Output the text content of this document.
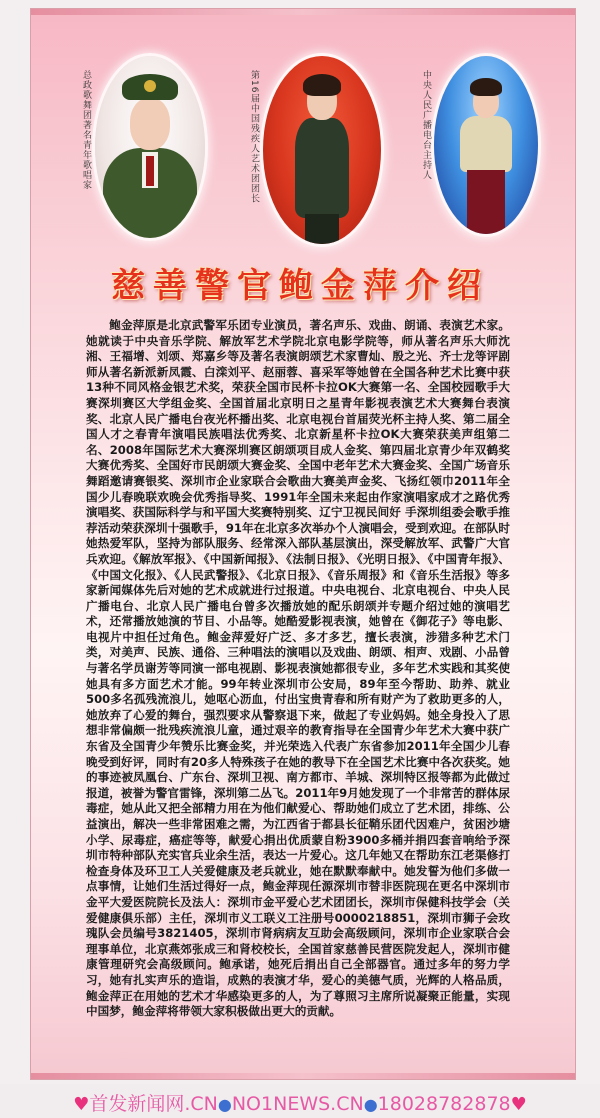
总政歌舞团著名青年歌唱家	第16届中国残疾人艺术团团长	中央人民广播电台主持人
慈善警官鲍金萍介绍

鲍金萍原是北京武警军乐团专业演员，著名声乐、戏曲、朗诵、表演艺术家。她就读于中央音乐学院、解放军艺术学院北京电影学院等，师从著名声乐大师沈湘、王福增、刘颂、郑嘉乡等及著名表演朗颂艺术家曹灿、殷之光、齐士龙等评剧师从著名新派新凤霞、白滦刘平、赵丽蓉、喜采军等她曾在全国各种艺术比赛中获13种不同风格金银艺术奖，荣获全国市民杯卡拉OK大赛第一名、全国校园歌手大赛深圳赛区大学组金奖、全国首届北京明日之星青年影视表演艺术大赛舞台表演奖、北京人民广播电台夜光杯播出奖、北京电视台首届荧光杯主持人奖、第二届全国人才之春青年演唱民族唱法优秀奖、北京新星杯卡拉OK大赛荣获美声组第二名、2008年国际艺术大赛深圳赛区朗颂项目成人金奖、第四届北京青少年双鹤奖大赛优秀奖、全国好市民朗颂大赛金奖、全国中老年艺术大赛金奖、全国广场音乐舞蹈邀请赛银奖、深圳市企业家联合会歌曲大赛美声金奖、飞扬红领巾2011年全国少儿春晚联欢晚会优秀指导奖、1991年全国未来起由作家演唱家成才之路优秀演唱奖、获国际科学与和平国大奖赛特别奖、辽宁卫视民间好 手深圳组委会歌手推荐活动荣获深圳十强歌手，91年在北京多次举办个人演唱会，受到欢迎。在部队时她热爱军队，坚持为部队服务、经常深入部队基层演出，深受解放军、武警广大官兵欢迎。《解放军报》、《中国新闻报》、《法制日报》、《光明日报》、《中国青年报》、《中国文化报》、《人民武警报》、《北京日报》、《音乐周报》和《音乐生活报》等多家新闻媒体先后对她的艺术成就进行过报道。中央电视台、北京电视台、中央人民广播电台、北京人民广播电台曾多次播放她的配乐朗颂并专题介绍过她的演唱艺术，还常播放她演的节目、小品等。她酷爱影视表演，她曾在《御花子》等电影、电视片中担任过角色。鲍金萍爱好广泛、多才多艺，擅长表演，涉猎多种艺术门类，对美声、民族、通俗、三种唱法的演唱以及戏曲、朗颂、相声、戏剧、小品曾与著名学员谢芳等同演一部电视剧、影视表演她都很专业，多年艺术实践和其奖使她具有多方面艺术才能。99年转业深圳市公安局，89年至今帮助、助养、就业500多名孤残流浪儿，她呕心沥血，付出宝贵青春和所有财产为了救助更多的人，她放弃了心爱的舞台，强烈要求从警察退下来，做起了专业妈妈。她全身投入了思想非常偏颇一批残疾流浪儿童，通过艰辛的教育指导在全国青少年艺术大赛中获广东省及全国青少年赞乐比赛金奖，并光荣选入代表广东省参加2011年全国少儿春晚受到好评，同时有20多人特殊孩子在她的教导下在全国艺术比赛中各次获奖。她的事迹被凤凰台、广东台、深圳卫视、南方都市、羊城、深圳特区报等都为此做过报道，被誉为警官雷锋，深圳第二丛飞。2011年9月她发现了一个非常苦的群体尿毒症，她从此又把全部精力用在为他们献爱心、帮助她们成立了艺术团，排练、公益演出，解决一些非常困难之需，为江西省于都县长征鞘乐团代因难户，贫困沙塘小学、尿毒症，癌症等等，献爱心捐出优质蒙自粉3900多桶并捐四套音响给予深圳市特种部队充实官兵业余生活，表达一片爱心。这几年她又在帮助东江老渠修打检查身体及环卫工人关爱健康及老兵就业，她在默默奉献中。她发誓为他们多做一点事情，让她们生活过得好一点，鲍金萍现任源深圳市替非医院现在更名中深圳市金平大爱医院院长及法人：深圳市金平爱心艺术团团长，深圳市保健科技学会（关爱健康俱乐部）主任，深圳市义工联义工注册号0000218851，深圳市狮子会玫瑰队会员编号3821405，深圳市肾病病友互助会高级顾问，深圳市企业家联合会理事单位，北京燕郊张成三和肾校校长，全国首家慈善民营医院发起人，深圳市健康管理研究会高级顾问。鲍承诺，她死后捐出自己全部器官。通过多年的努力学习，她有扎实声乐的造诣，成熟的表演才华，爱心的美德气质，光辉的人格品质，鲍金萍正在用她的艺术才华感染更多的人，为了尊照习主席所说凝聚正能量，实现中国梦，鲍金萍将带领大家积极做出更大的贡献。

♥首发新闻网.CN●NO1NEWS.CN●18028782878♥
